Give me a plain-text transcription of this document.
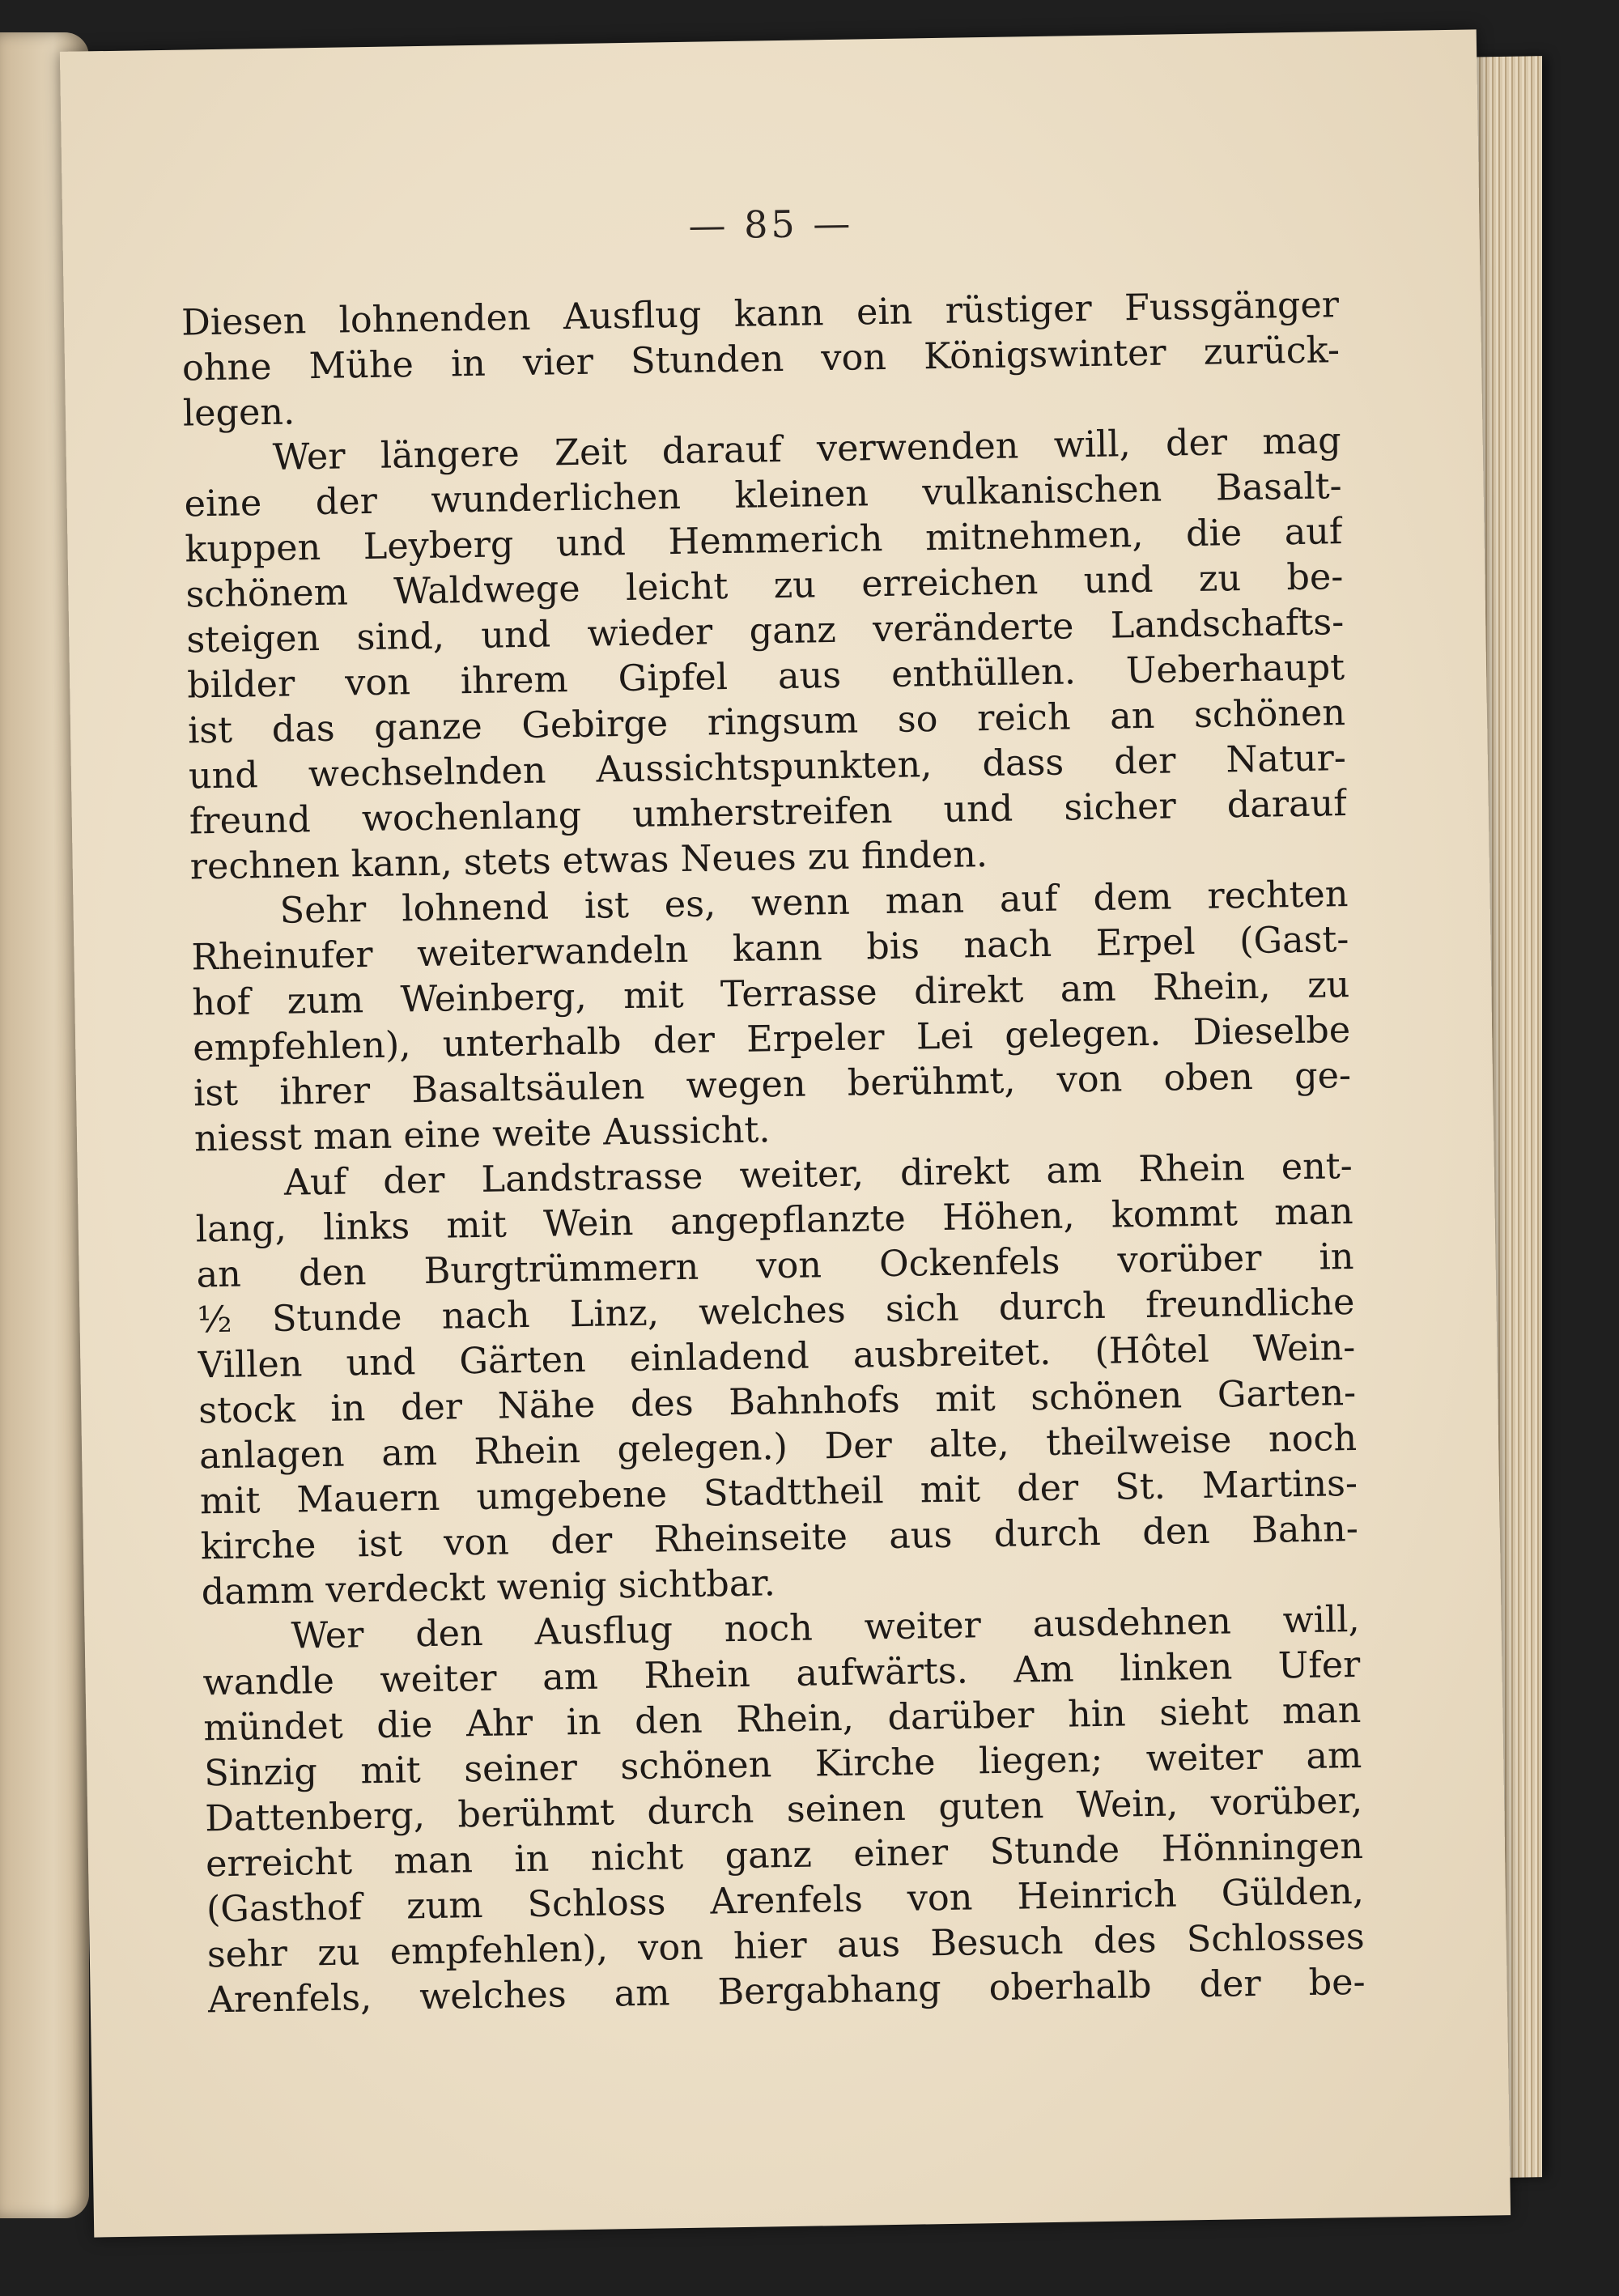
— 85 —
Diesen lohnenden Ausflug kann ein rüstiger Fussgänger
ohne Mühe in vier Stunden von Königswinter zurück-
legen.
Wer längere Zeit darauf verwenden will, der mag
eine der wunderlichen kleinen vulkanischen Basalt-
kuppen Leyberg und Hemmerich mitnehmen, die auf
schönem Waldwege leicht zu erreichen und zu be-
steigen sind, und wieder ganz veränderte Landschafts-
bilder von ihrem Gipfel aus enthüllen. Ueberhaupt
ist das ganze Gebirge ringsum so reich an schönen
und wechselnden Aussichtspunkten, dass der Natur-
freund wochenlang umherstreifen und sicher darauf
rechnen kann, stets etwas Neues zu finden.
Sehr lohnend ist es, wenn man auf dem rechten
Rheinufer weiterwandeln kann bis nach Erpel (Gast-
hof zum Weinberg, mit Terrasse direkt am Rhein, zu
empfehlen), unterhalb der Erpeler Lei gelegen. Dieselbe
ist ihrer Basaltsäulen wegen berühmt, von oben ge-
niesst man eine weite Aussicht.
Auf der Landstrasse weiter, direkt am Rhein ent-
lang, links mit Wein angepflanzte Höhen, kommt man
an den Burgtrümmern von Ockenfels vorüber in
½ Stunde nach Linz, welches sich durch freundliche
Villen und Gärten einladend ausbreitet. (Hôtel Wein-
stock in der Nähe des Bahnhofs mit schönen Garten-
anlagen am Rhein gelegen.) Der alte, theilweise noch
mit Mauern umgebene Stadttheil mit der St. Martins-
kirche ist von der Rheinseite aus durch den Bahn-
damm verdeckt wenig sichtbar.
Wer den Ausflug noch weiter ausdehnen will,
wandle weiter am Rhein aufwärts. Am linken Ufer
mündet die Ahr in den Rhein, darüber hin sieht man
Sinzig mit seiner schönen Kirche liegen; weiter am
Dattenberg, berühmt durch seinen guten Wein, vorüber,
erreicht man in nicht ganz einer Stunde Hönningen
(Gasthof zum Schloss Arenfels von Heinrich Gülden,
sehr zu empfehlen), von hier aus Besuch des Schlosses
Arenfels, welches am Bergabhang oberhalb der be-
